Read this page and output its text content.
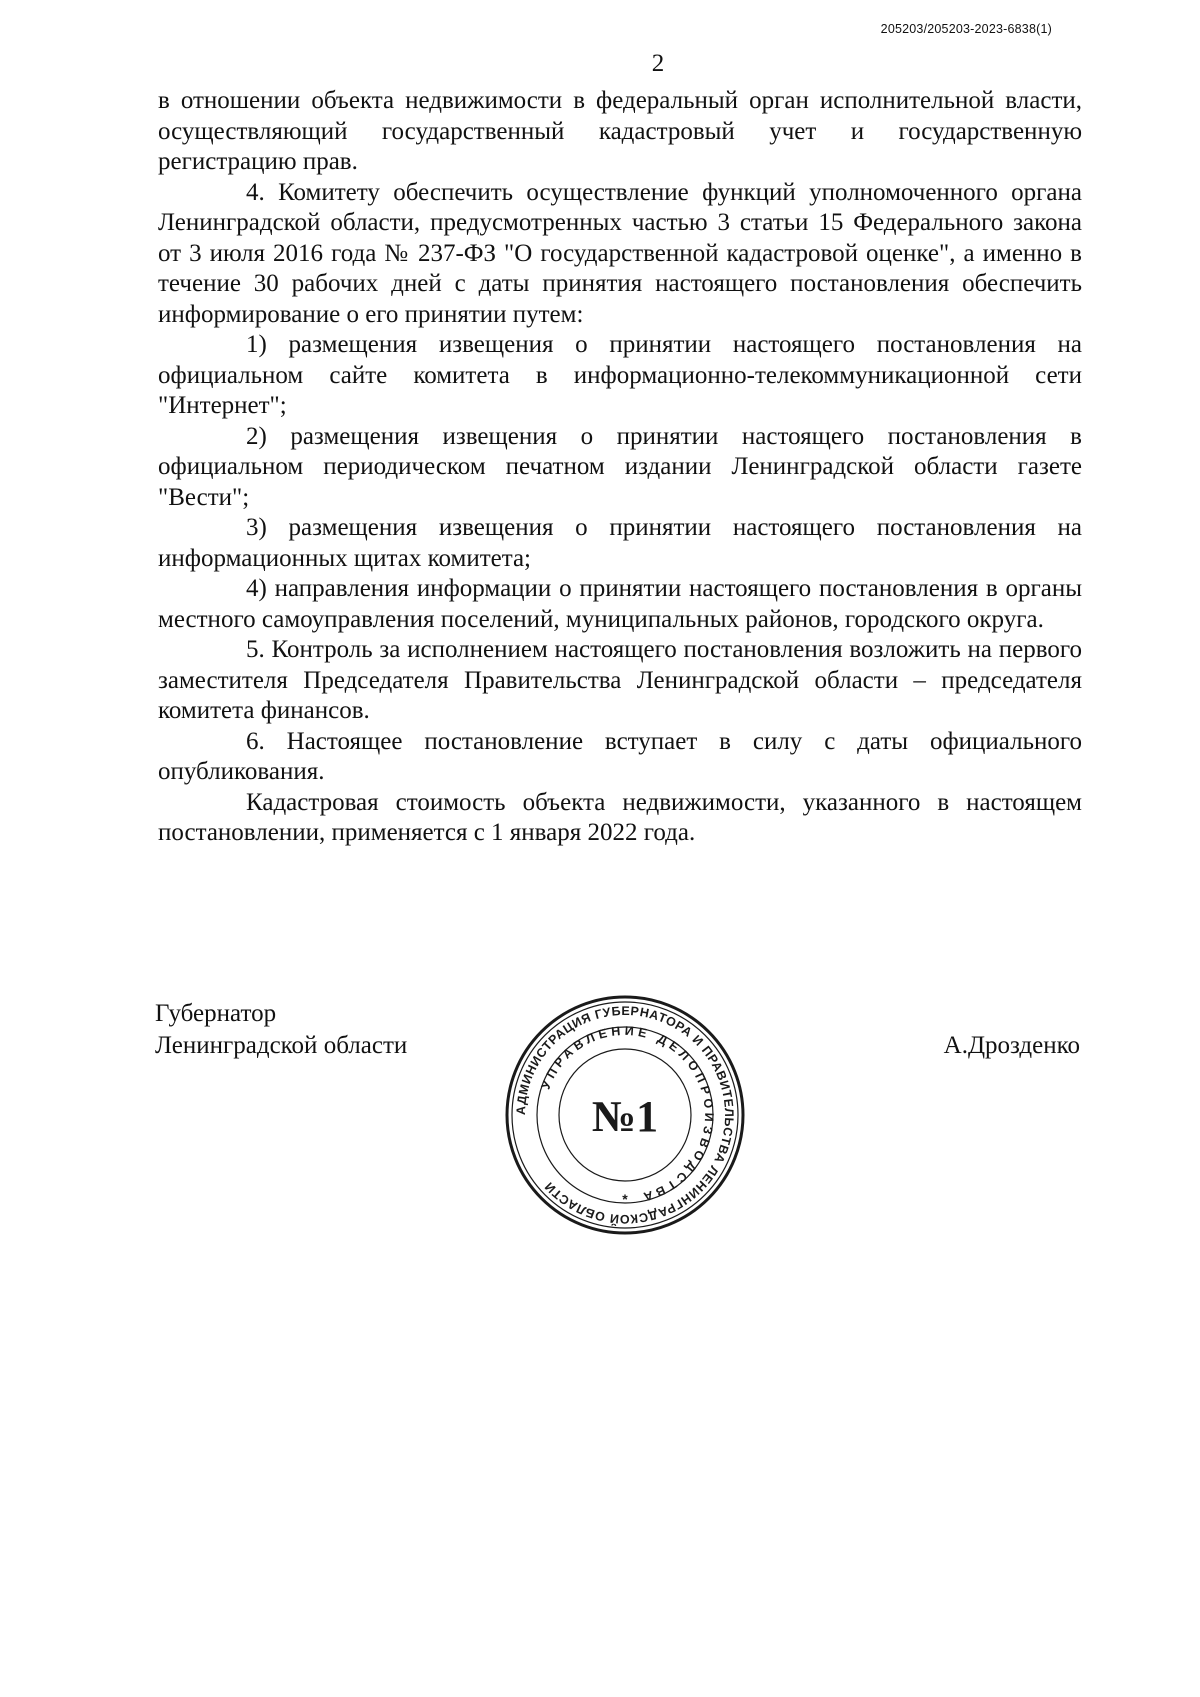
205203/205203-2023-6838(1)
2

в отношении объекта недвижимости в федеральный орган исполнительной власти, осуществляющий государственный кадастровый учет и государственную регистрацию прав.

4. Комитету обеспечить осуществление функций уполномоченного органа Ленинградской области, предусмотренных частью 3 статьи 15 Федерального закона от 3 июля 2016 года № 237-ФЗ "О государственной кадастровой оценке", а именно в течение 30 рабочих дней с даты принятия настоящего постановления обеспечить информирование о его принятии путем:

1) размещения извещения о принятии настоящего постановления на официальном сайте комитета в информационно-телекоммуникационной сети "Интернет";

2) размещения извещения о принятии настоящего постановления в официальном периодическом печатном издании Ленинградской области газете "Вести";

3) размещения извещения о принятии настоящего постановления на информационных щитах комитета;

4) направления информации о принятии настоящего постановления в органы местного самоуправления поселений, муниципальных районов, городского округа.

5. Контроль за исполнением настоящего постановления возложить на первого заместителя Председателя Правительства Ленинградской области – председателя комитета финансов.

6. Настоящее постановление вступает в силу с даты официального опубликования.

Кадастровая стоимость объекта недвижимости, указанного в настоящем постановлении, применяется с 1 января 2022 года.

Губернатор
Ленинградской области	А.Дрозденко
АДМИНИСТРАЦИЯ ГУБЕРНАТОРА И ПРАВИТЕЛЬСТВА ЛЕНИНГРАДСКОЙ ОБЛАСТИ
УПРАВЛЕНИЕ ДЕЛОПРОИЗВОДСТВА
№1
*
